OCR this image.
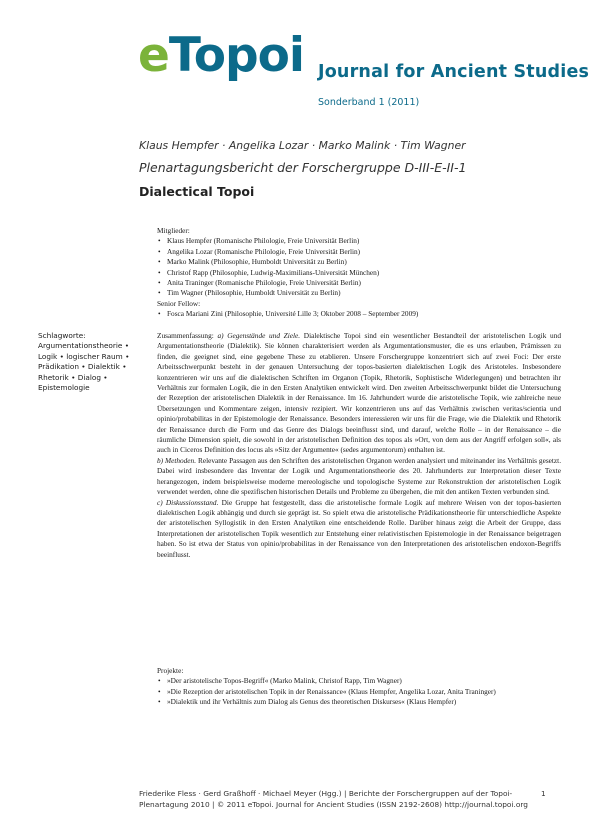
eTopoi Journal for Ancient Studies
Sonderband 1 (2011)
Klaus Hempfer · Angelika Lozar · Marko Malink · Tim Wagner
Plenartagungsbericht der Forschergruppe D-III-E-II-1
Dialectical Topoi
Mitglieder:
• Klaus Hempfer (Romanische Philologie, Freie Universität Berlin)
• Angelika Lozar (Romanische Philologie, Freie Universität Berlin)
• Marko Malink (Philosophie, Humboldt Universität zu Berlin)
• Christof Rapp (Philosophie, Ludwig-Maximilians-Universität München)
• Anita Traninger (Romanische Philologie, Freie Universität Berlin)
• Tim Wagner (Philosophie, Humboldt Universität zu Berlin)
Senior Fellow:
• Fosca Mariani Zini (Philosophie, Université Lille 3; Oktober 2008 – September 2009)
Schlagworte: Argumentationstheorie • Logik • logischer Raum • Prädikation • Dialektik • Rhetorik • Dialog • Epistemologie

Zusammenfassung: a) Gegenstände und Ziele. Dialektische Topoi sind ein wesentlicher Bestandteil der aristotelischen Logik und Argumentationstheorie (Dialektik). Sie können charakterisiert werden als Argumentationsmuster, die es uns erlauben, Prämissen zu finden, die geeignet sind, eine gegebene These zu etablieren. Unsere Forschergruppe konzentriert sich auf zwei Foci: Der erste Arbeitsschwerpunkt besteht in der genauen Untersuchung der topos-basierten dialektischen Logik des Aristoteles. Insbesondere konzentrieren wir uns auf die dialektischen Schriften im Organon (Topik, Rhetorik, Sophistische Widerlegungen) und betrachten ihr Verhältnis zur formalen Logik, die in den Ersten Analytiken entwickelt wird. Den zweiten Arbeitsschwerpunkt bildet die Untersuchung der Rezeption der aristotelischen Dialektik in der Renaissance. Im 16. Jahrhundert wurde die aristotelische Topik, wie zahlreiche neue Übersetzungen und Kommentare zeigen, intensiv rezipiert. Wir konzentrieren uns auf das Verhältnis zwischen veritas/scientia und opinio/probabilitas in der Epistemologie der Renaissance. Besonders interessieren wir uns für die Frage, wie die Dialektik und Rhetorik der Renaissance durch die Form und das Genre des Dialogs beeinflusst sind, und darauf, welche Rolle – in der Renaissance – die räumliche Dimension spielt, die sowohl in der aristotelischen Definition des topos als »Ort, von dem aus der Angriff erfolgen soll«, als auch in Ciceros Definition des locus als »Sitz der Argumente« (sedes argumentorum) enthalten ist.

b) Methoden. Relevante Passagen aus den Schriften des aristotelischen Organon werden analysiert und miteinander ins Verhältnis gesetzt. Dabei wird insbesondere das Inventar der Logik und Argumentationstheorie des 20. Jahrhunderts zur Interpretation dieser Texte herangezogen, indem beispielsweise moderne mereologische und topologische Systeme zur Rekonstruktion der aristotelischen Logik verwendet werden, ohne die spezifischen historischen Details und Probleme zu übergehen, die mit den antiken Texten verbunden sind.

c) Diskussionsstand. Die Gruppe hat festgestellt, dass die aristotelische formale Logik auf mehrere Weisen von der topos-basierten dialektischen Logik abhängig und durch sie geprägt ist. So spielt etwa die aristotelische Prädikationstheorie für unterschiedliche Aspekte der aristotelischen Syllogistik in den Ersten Analytiken eine entscheidende Rolle. Darüber hinaus zeigt die Arbeit der Gruppe, dass Interpretationen der aristotelischen Topik wesentlich zur Entstehung einer relativistischen Epistemologie in der Renaissance beigetragen haben. So ist etwa der Status von opinio/probabilitas in der Renaissance von den Interpretationen des aristotelischen endoxon-Begriffs beeinflusst.

Projekte:
• »Der aristotelische Topos-Begriff« (Marko Malink, Christof Rapp, Tim Wagner)
• »Die Rezeption der aristotelischen Topik in der Renaissance« (Klaus Hempfer, Angelika Lozar, Anita Traninger)
• »Dialektik und ihr Verhältnis zum Dialog als Genus des theoretischen Diskurses« (Klaus Hempfer)
Friederike Fless · Gerd Graßhoff · Michael Meyer (Hgg.) | Berichte der Forschergruppen auf der Topoi-
Plenartagung 2010 | © 2011 eTopoi. Journal for Ancient Studies (ISSN 2192-2608) http://journal.topoi.org
1
